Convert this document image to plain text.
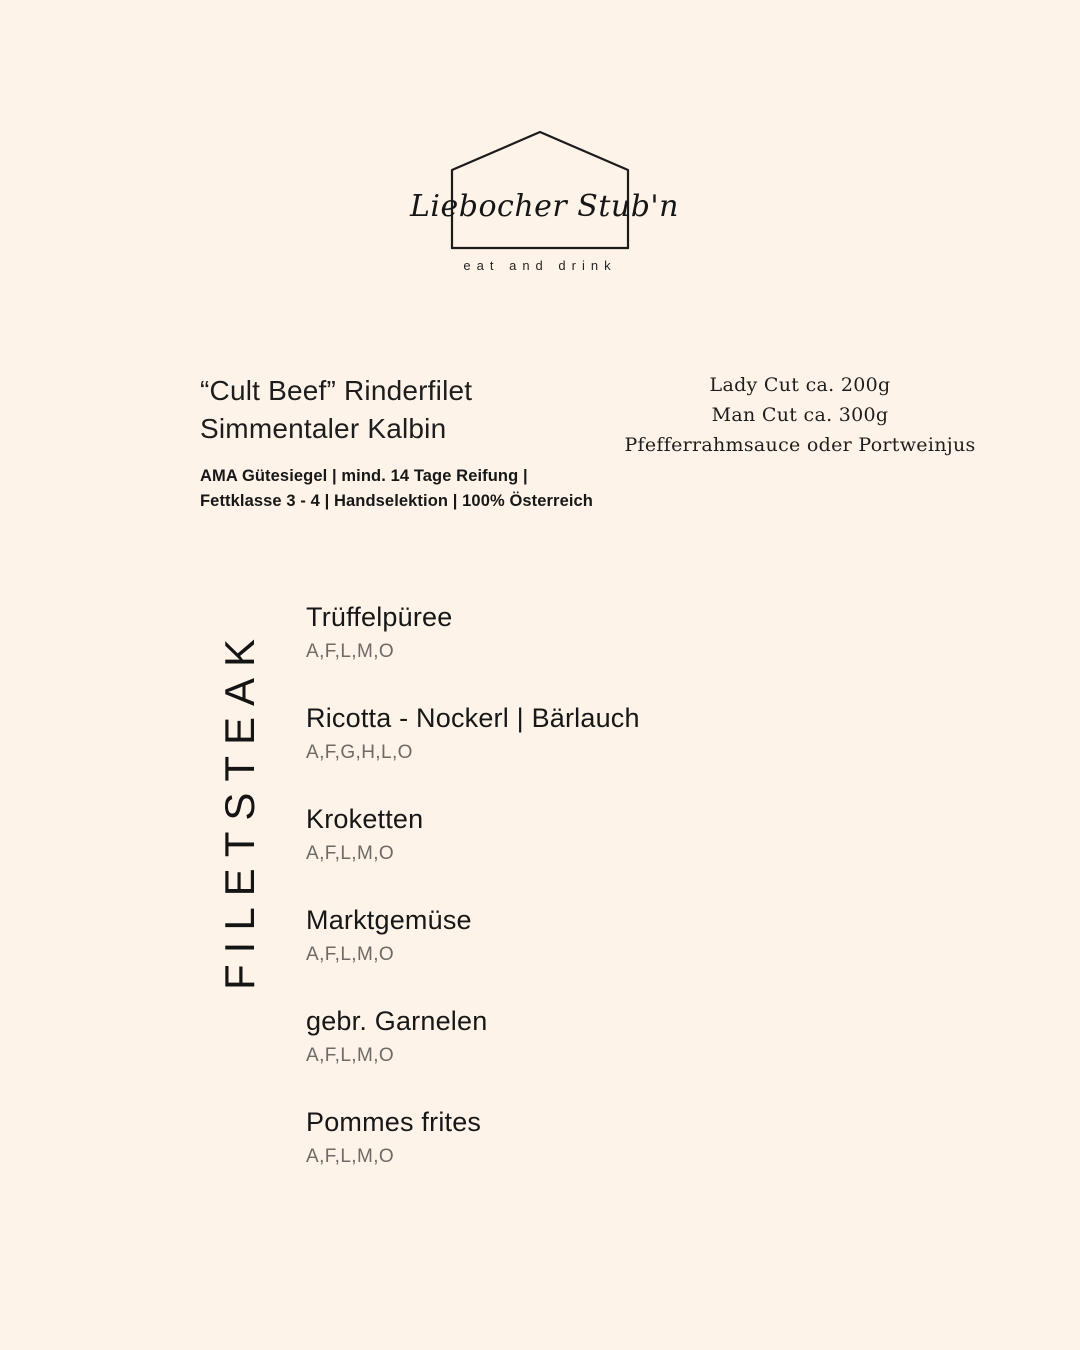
Liebocher Stub'n
eat and drink
“Cult Beef” Rinderfilet
Simmentaler Kalbin
AMA Gütesiegel | mind. 14 Tage Reifung |
Fettklasse 3 - 4 | Handselektion | 100% Österreich
Lady Cut ca. 200g
Man Cut ca. 300g
Pfefferrahmsauce oder Portweinjus
FILETSTEAK
Trüffelpüree
A,F,L,M,O
Ricotta - Nockerl | Bärlauch
A,F,G,H,L,O
Kroketten
A,F,L,M,O
Marktgemüse
A,F,L,M,O
gebr. Garnelen
A,F,L,M,O
Pommes frites
A,F,L,M,O
